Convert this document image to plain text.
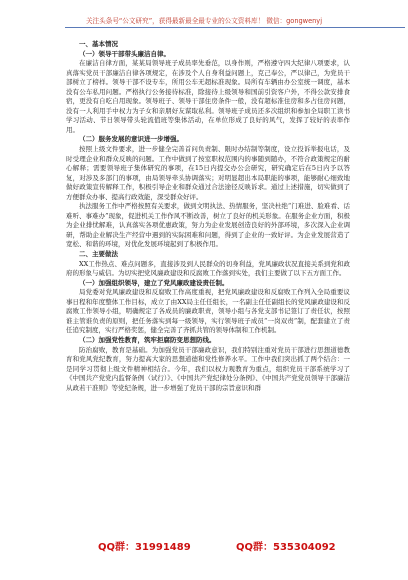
关注头条号“公文研究”，获得最新最全最专业的公文资料库！ 微信：gongwenyj

一、基本情况

（一）领导干部带头廉洁自律。

在廉洁自律方面，某某局领导班子成员率先垂范，以身作则，严格遵守四大纪律八项要求，认真落实党员干部廉洁自律各项规定，在涉及个人自身利益问题上，克己奉公，严以律己，为党员干部树立了榜样。领导干部不设专车，所用公车无超标准现象。局所有车辆由办公室统一调度，基本没有公车私用问题。严格执行公务接待标准，除接待上级领导和国前引资客户外，不得公款安排食宿，更没有自吃自用现象。领导班子、领导干部住房条件一般，没有超标准住房和多占住房问题，没有一人利用手中权力为子女和亲朋好友谋取私利。领导班子成员还多次组织和参加全局职工读书学习活动、节日领导带头轮流值班等集体活动，在单位形成了良好的风气，发挥了较好的表率作用。

（二）服务发展的意识进一步增强。

按照上级文件要求，进一步健全完善首问负责制、限时办结制等制度，设立投诉举报电话，及时受理企业和群众反映的问题。工作中做到了按室职权范围内的事随到随办，不符合政策规定的耐心解释；需要领导班子集体研究的事项，在15日内提交办公会研究，研究确定后在5日内予以答复，对涉及多部门的事项，由局领导牵头协调落实；对明显超出本局职能的事项，能够耐心细致地做好政策宣传解释工作，积极引导企业和群众通过合法途径反映诉求。通过上述措施，切实做到了方便群众办事、提高行政效能，深受群众好评。

执法服务工作中严格按照有关要求，做到文明执法、热情服务，坚决杜绝“门难进、脸难看、话难听、事难办”现象，促进机关工作作风不断改善，树立了良好的机关形象。在服务企业方面，积极为企业排忧解难，认真落实各项优惠政策，努力为企业发展创造良好的外部环境，多次深入企业调研，帮助企业解决生产经营中遇到的实际困难和问题，得到了企业的一致好评。为企业发展营造了宽松、和谐的环境，对优化发展环境起到了积极作用。

二、主要做法

XX工作热点、难点问题多，直接涉及到人民群众的切身利益，党风廉政状况直接关系到党和政府的形象与威信。为切实把党风廉政建设和反腐败工作落到实处，我们主要做了以下五方面工作。

（一）加强组织领导，建立了党风廉政建设责任制。

局党委对党风廉政建设和反腐败工作高度重视，把党风廉政建设和反腐败工作列入全局重要议事日程和年度整体工作目标，成立了由XX局主任任组长，一名副主任任副组长的党风廉政建设和反腐败工作领导小组，明确规定了各成员的廉政职责，领导小组与各党支部书记签订了责任状，按照谁主管谁负责的原则，把任务落实到每一级领导，实行领导班子成员“一岗双责”制，配套建立了责任追究制度，实行严格奖惩，健全完善了齐抓共管的领导体制和工作机制。

（二）加强党性教育，筑牢拒腐防变思想防线。

防治腐败，教育是基础。为加强党员干部廉政意识，我们特别注重对党员干部进行思想道德教育和党风党纪教育，努力提高大家的思想道德和党性修养水平。工作中我们突出抓了两个结合：一是同学习贯彻上级文件精神相结合。今年，我们以权力观教育为重点，组织党员干部系统学习了《中国共产党党内监督条例（试行）》、《中国共产党纪律处分条例》、《中国共产党党员领导干部廉洁从政若干准则》等党纪条规，进一步增强了党员干部的宗旨意识和群

QQ群：31991489	QQ群：535304092
